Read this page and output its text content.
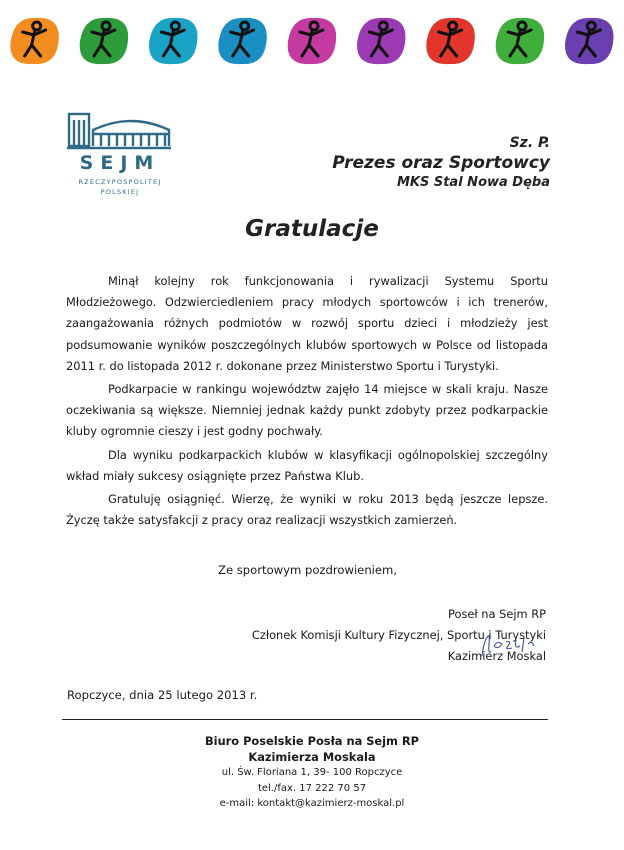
SEJM
RZECZYPOSPOLITEJ
POLSKIEJ
Sz. P.
Prezes oraz Sportowcy
MKS Stal Nowa Dęba
Gratulacje

Minął kolejny rok funkcjonowania i rywalizacji Systemu Sportu Młodzieżowego. Odzwierciedleniem pracy młodych sportowców i ich trenerów, zaangażowania różnych podmiotów w rozwój sportu dzieci i młodzieży jest podsumowanie wyników poszczególnych klubów sportowych w Polsce od listopada 2011 r. do listopada 2012 r. dokonane przez Ministerstwo Sportu i Turystyki.

Podkarpacie w rankingu województw zajęło 14 miejsce w skali kraju. Nasze oczekiwania są większe. Niemniej jednak każdy punkt zdobyty przez podkarpackie kluby ogromnie cieszy i jest godny pochwały.

Dla wyniku podkarpackich klubów w klasyfikacji ogólnopolskiej szczególny wkład miały sukcesy osiągnięte przez Państwa Klub.

Gratuluję osiągnięć. Wierzę, że wyniki w roku 2013 będą jeszcze lepsze. Życzę także satysfakcji z pracy oraz realizacji wszystkich zamierzeń.

Ze sportowym pozdrowieniem,
Poseł na Sejm RP
Członek Komisji Kultury Fizycznej, Sportu i Turystyki
Kazimierz Moskal
Ropczyce, dnia 25 lutego 2013 r.
Biuro Poselskie Posła na Sejm RP
Kazimierza Moskala
ul. Św. Floriana 1, 39- 100 Ropczyce
tel./fax. 17 222 70 57
e-mail: kontakt@kazimierz-moskal.pl
